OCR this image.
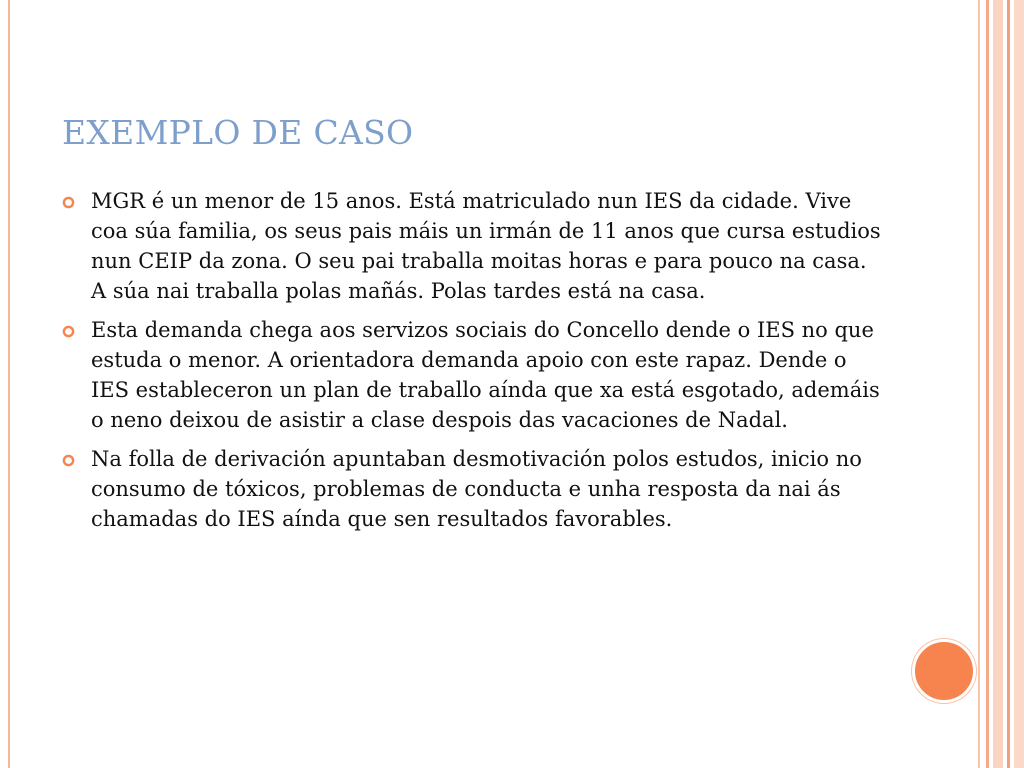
EXEMPLO DE CASO
MGR é un menor de 15 anos. Está matriculado nun IES da cidade. Vive coa súa familia, os seus pais máis un irmán de 11 anos que cursa estudios nun CEIP da zona. O seu pai traballa moitas horas e para pouco na casa. A súa nai traballa polas mañás. Polas tardes está na casa.
Esta demanda chega aos servizos sociais do Concello dende o IES no que estuda o menor. A orientadora demanda apoio con este rapaz. Dende o IES estableceron un plan de traballo aínda que xa está esgotado, ademáis o neno deixou de asistir a clase despois das vacaciones de Nadal.
Na folla de derivación apuntaban desmotivación polos estudos, inicio no consumo de tóxicos, problemas de conducta e unha resposta da nai ás chamadas do IES aínda que sen resultados favorables.
